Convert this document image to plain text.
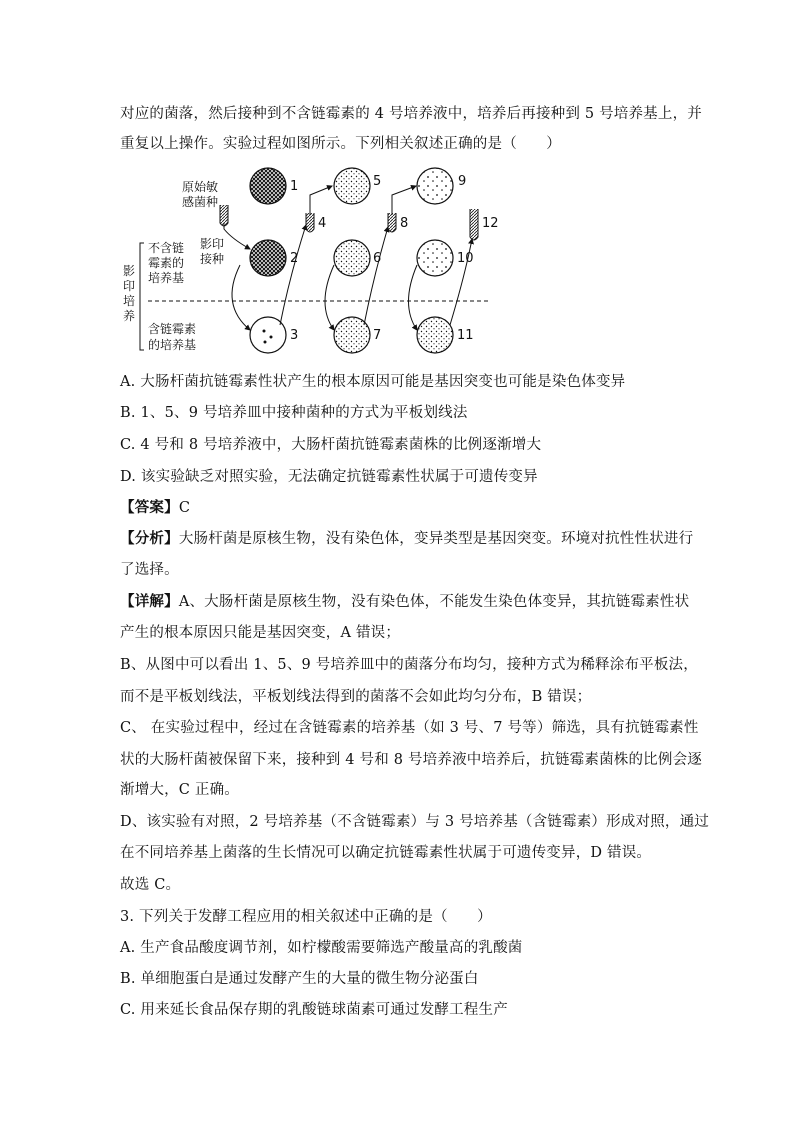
对应的菌落，然后接种到不含链霉素的 4 号培养液中，培养后再接种到 5 号培养基上，并
重复以上操作。实验过程如图所示。下列相关叙述正确的是（　　）
原始敏
感菌种
影印
接种
不含链
霉素的
培养基
影
印
培
养
含链霉素
的培养基
1
2
3
4
5
6
7
8
9
10
11
12
A. 大肠杆菌抗链霉素性状产生的根本原因可能是基因突变也可能是染色体变异
B. 1、5、9 号培养皿中接种菌种的方式为平板划线法
C. 4 号和 8 号培养液中，大肠杆菌抗链霉素菌株的比例逐渐增大
D. 该实验缺乏对照实验，无法确定抗链霉素性状属于可遗传变异
【答案】C
【分析】大肠杆菌是原核生物，没有染色体，变异类型是基因突变。环境对抗性性状进行
了选择。
【详解】A、大肠杆菌是原核生物，没有染色体，不能发生染色体变异，其抗链霉素性状
产生的根本原因只能是基因突变，A 错误；
B、从图中可以看出 1、5、9 号培养皿中的菌落分布均匀，接种方式为稀释涂布平板法，
而不是平板划线法，平板划线法得到的菌落不会如此均匀分布，B 错误；
C、 在实验过程中，经过在含链霉素的培养基（如 3 号、7 号等）筛选，具有抗链霉素性
状的大肠杆菌被保留下来，接种到 4 号和 8 号培养液中培养后，抗链霉素菌株的比例会逐
渐增大，C 正确。
D、该实验有对照，2 号培养基（不含链霉素）与 3 号培养基（含链霉素）形成对照，通过
在不同培养基上菌落的生长情况可以确定抗链霉素性状属于可遗传变异，D 错误。
故选 C。
3. 下列关于发酵工程应用的相关叙述中正确的是（　　）
A. 生产食品酸度调节剂，如柠檬酸需要筛选产酸量高的乳酸菌
B. 单细胞蛋白是通过发酵产生的大量的微生物分泌蛋白
C. 用来延长食品保存期的乳酸链球菌素可通过发酵工程生产
